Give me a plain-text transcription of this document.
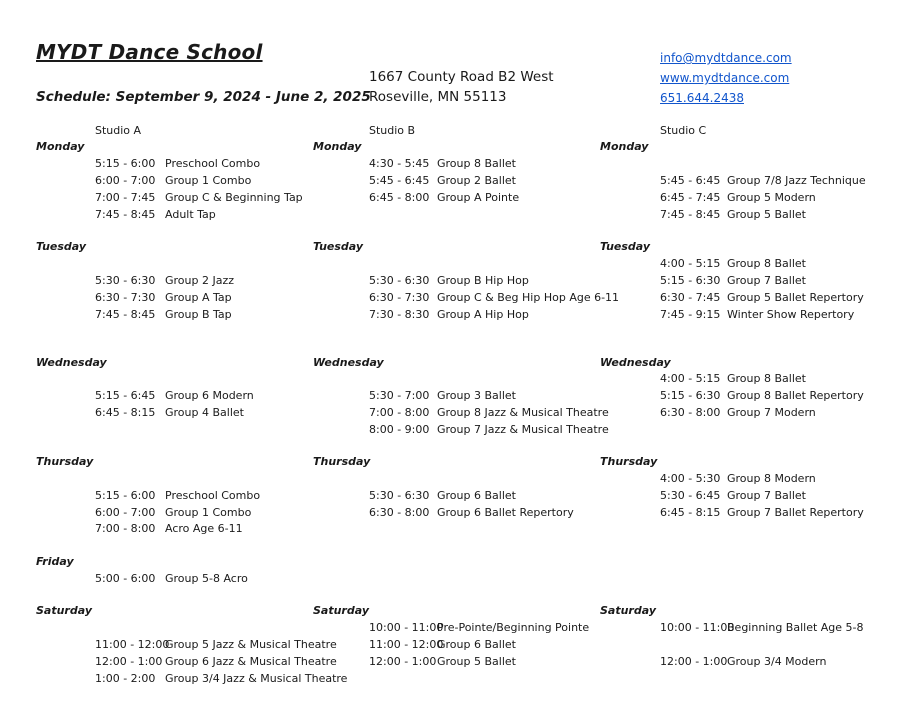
MYDT Dance School
Schedule: September 9, 2024 - June 2, 2025
1667 County Road B2 West
Roseville, MN 55113
info@mydtdance.com
www.mydtdance.com
651.644.2438
Studio A	Studio B	Studio C
Monday
Tuesday
Wednesday
Thursday
Friday
Saturday
Monday
Tuesday
Wednesday
Thursday
Saturday
Monday
Tuesday
Wednesday
Thursday
Saturday
5:15 - 6:00 Preschool Combo
6:00 - 7:00 Group 1 Combo
7:00 - 7:45 Group C & Beginning Tap
7:45 - 8:45 Adult Tap
5:30 - 6:30 Group 2 Jazz
6:30 - 7:30 Group A Tap
7:45 - 8:45 Group B Tap
5:15 - 6:45 Group 6 Modern
6:45 - 8:15 Group 4 Ballet
5:15 - 6:00 Preschool Combo
6:00 - 7:00 Group 1 Combo
7:00 - 8:00 Acro Age 6-11
5:00 - 6:00 Group 5-8 Acro
11:00 - 12:00
Group 5 Jazz & Musical Theatre
12:00 - 1:00 Group 6 Jazz & Musical Theatre
1:00 - 2:00 Group 3/4 Jazz & Musical Theatre
4:30 - 5:45 Group 8 Ballet
5:45 - 6:45 Group 2 Ballet
6:45 - 8:00 Group A Pointe
5:30 - 6:30 Group B Hip Hop
6:30 - 7:30 Group C & Beg Hip Hop Age 6-11
7:30 - 8:30 Group A Hip Hop
5:30 - 7:00 Group 3 Ballet
7:00 - 8:00 Group 8 Jazz & Musical Theatre
8:00 - 9:00 Group 7 Jazz & Musical Theatre
5:30 - 6:30 Group 6 Ballet
6:30 - 8:00 Group 6 Ballet Repertory
10:00 - 11:00
Pre-Pointe/Beginning Pointe
11:00 - 12:00
Group 6 Ballet
12:00 - 1:00 Group 5 Ballet
5:45 - 6:45 Group 7/8 Jazz Technique
6:45 - 7:45 Group 5 Modern
7:45 - 8:45 Group 5 Ballet
4:00 - 5:15 Group 8 Ballet
5:15 - 6:30 Group 7 Ballet
6:30 - 7:45 Group 5 Ballet Repertory
7:45 - 9:15 Winter Show Repertory
4:00 - 5:15 Group 8 Ballet
5:15 - 6:30 Group 8 Ballet Repertory
6:30 - 8:00 Group 7 Modern
4:00 - 5:30 Group 8 Modern
5:30 - 6:45 Group 7 Ballet
6:45 - 8:15 Group 7 Ballet Repertory
10:00 - 11:00
Beginning Ballet Age 5-8
12:00 - 1:00 Group 3/4 Modern
